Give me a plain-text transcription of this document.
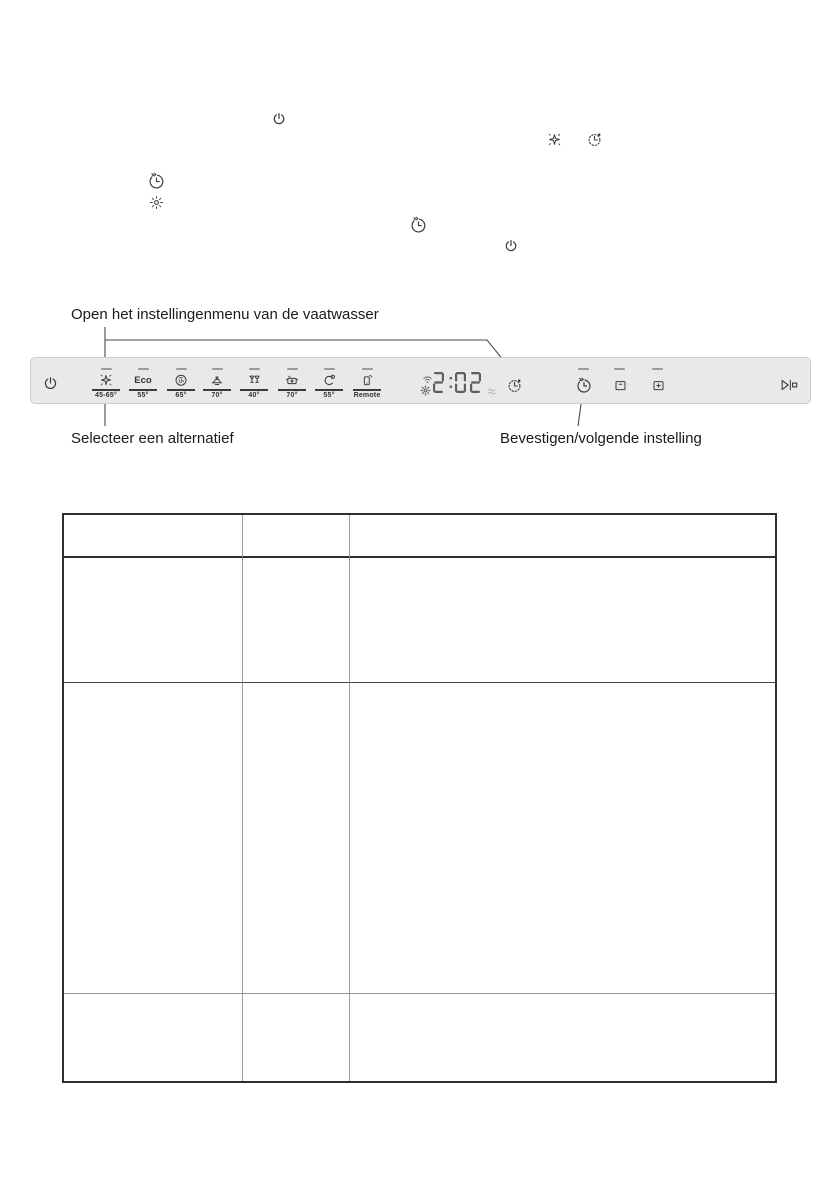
Open het instellingenmenu van de vaatwasser
Selecteer een alternatief	Bevestigen/volgende instelling
45-65°
Eco
55°
1h
65°	70°	40°	70°	55°	Remote
